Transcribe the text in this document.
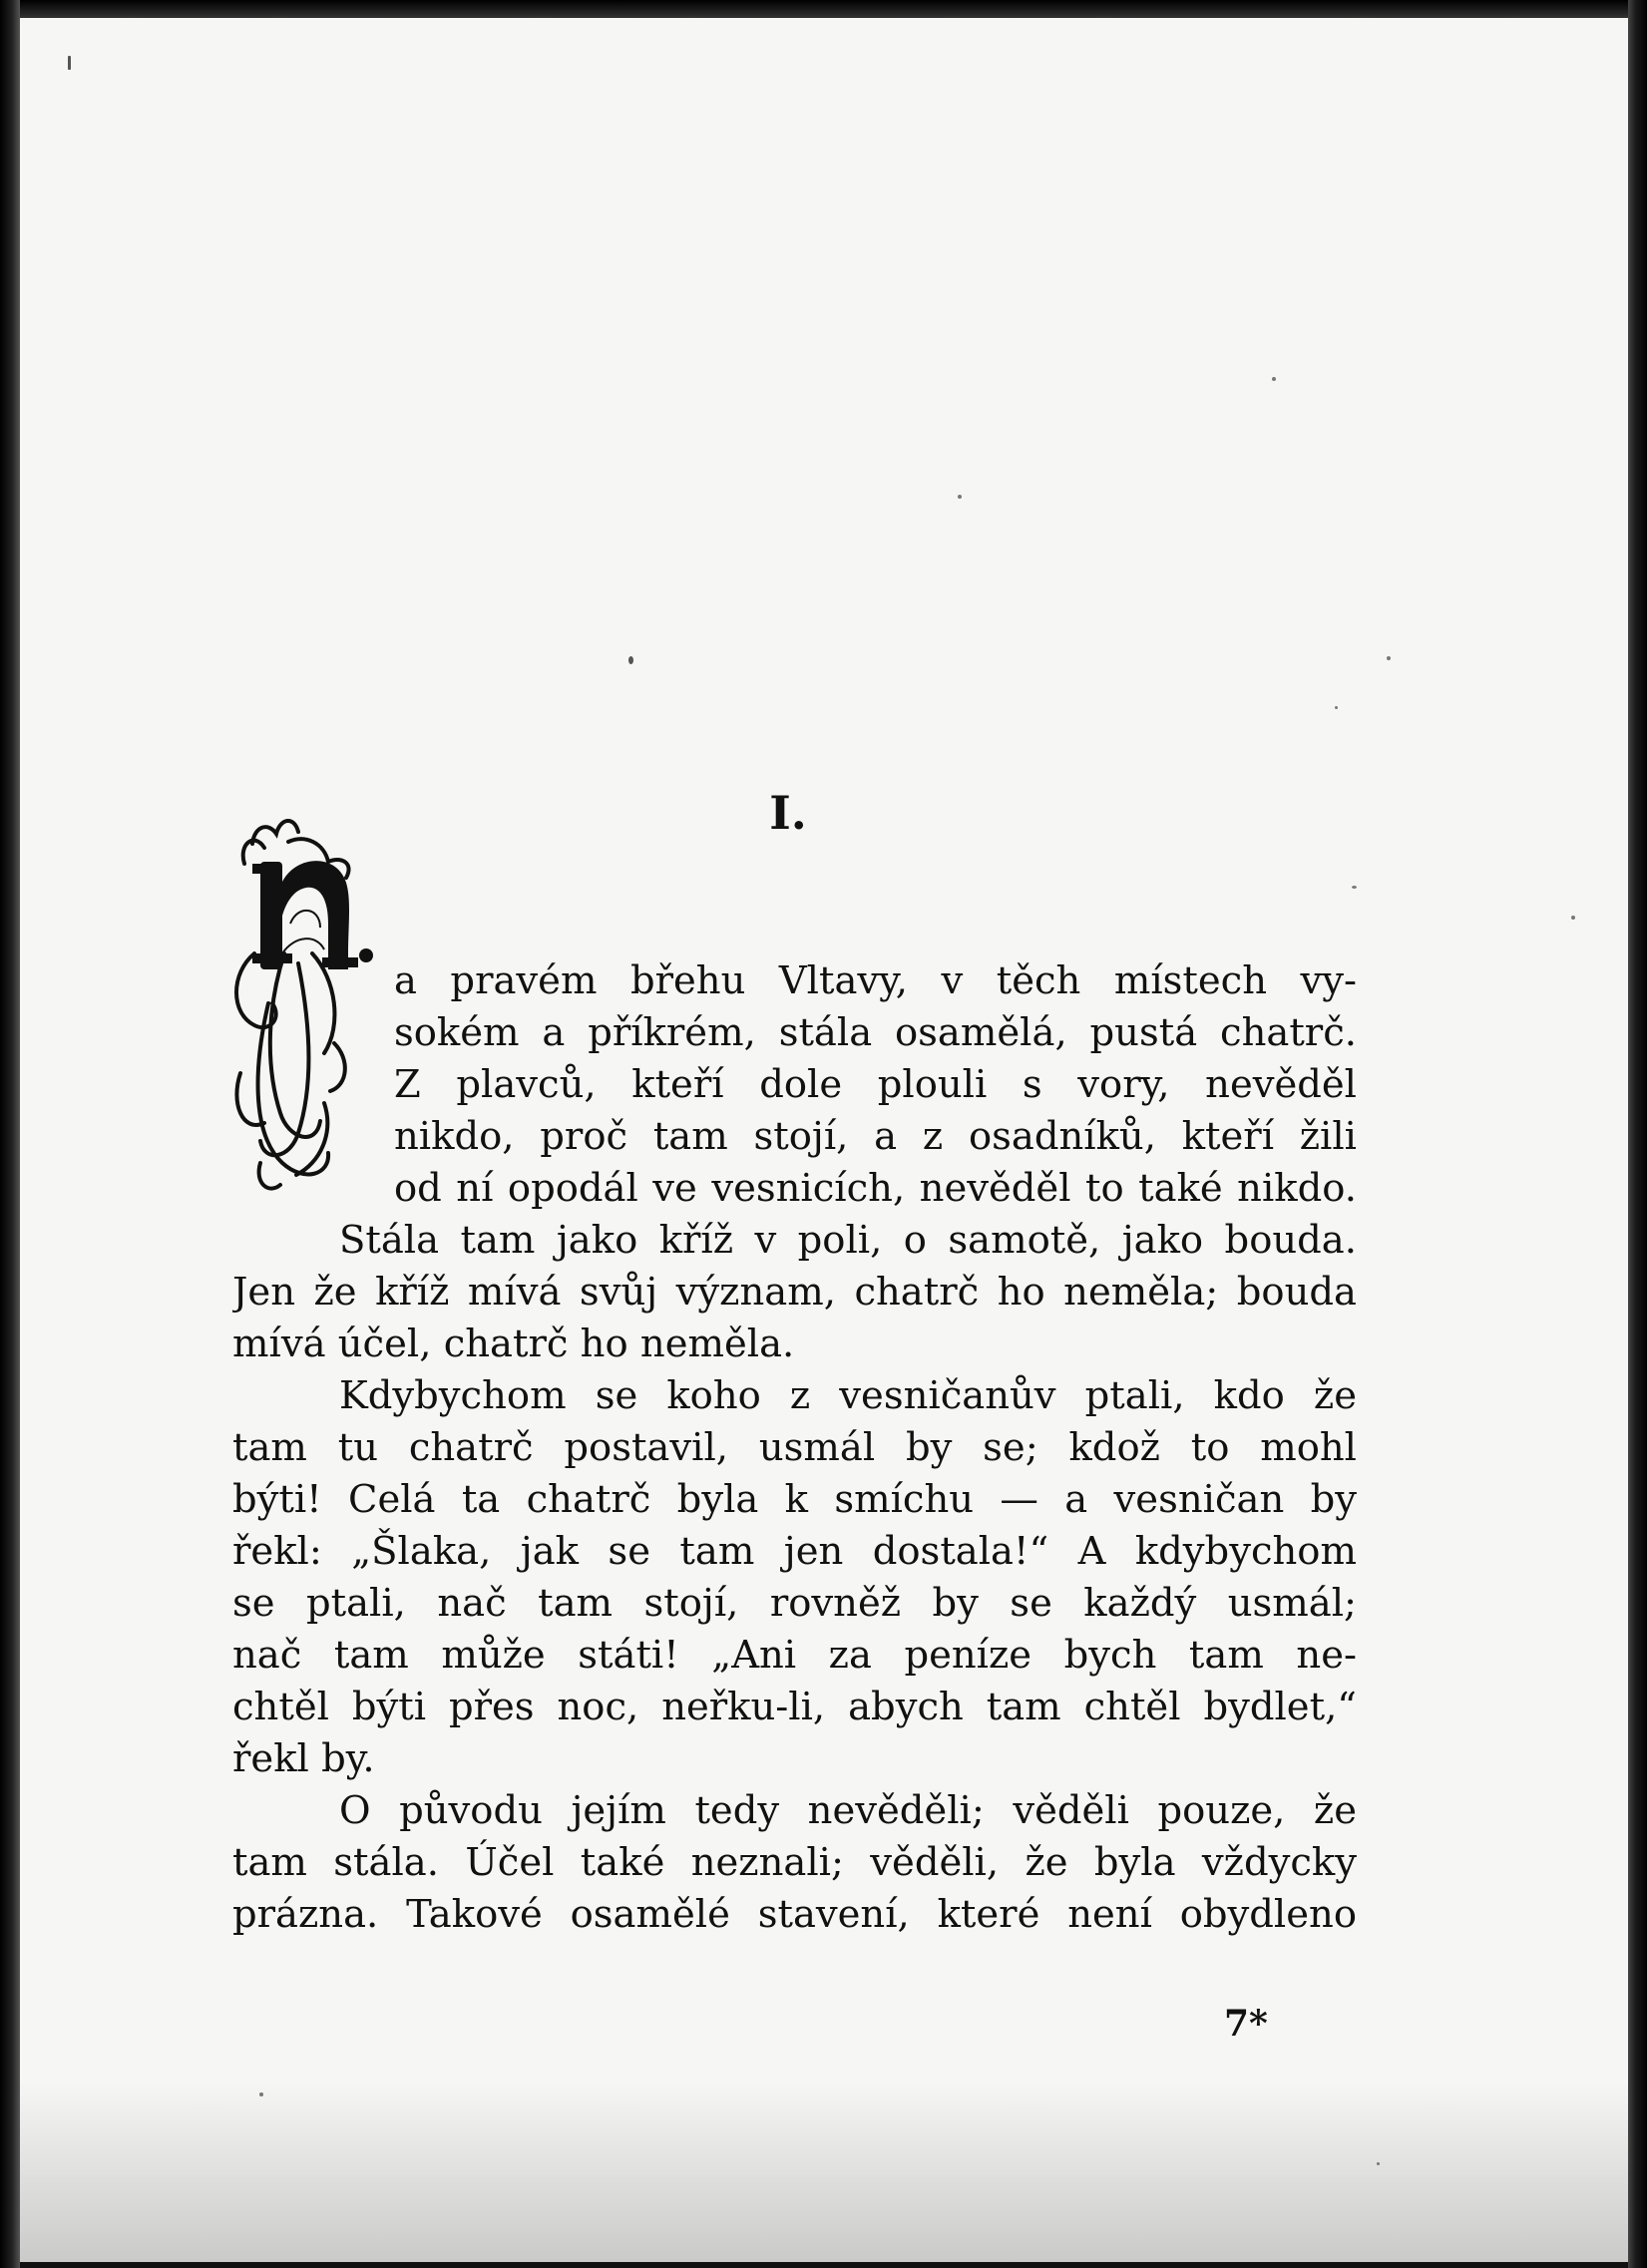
I.
a pravém břehu Vltavy, v těch místech vy-
sokém a příkrém, stála osamělá, pustá chatrč.
Z plavců, kteří dole plouli s vory, nevěděl
nikdo, proč tam stojí, a z osadníků, kteří žili
od ní opodál ve vesnicích, nevěděl to také nikdo.
Stála tam jako kříž v poli, o samotě, jako bouda.
Jen že kříž mívá svůj význam, chatrč ho neměla; bouda
mívá účel, chatrč ho neměla.
Kdybychom se koho z vesničanův ptali, kdo že
tam tu chatrč postavil, usmál by se; kdož to mohl
býti! Celá ta chatrč byla k smíchu — a vesničan by
řekl: „Šlaka, jak se tam jen dostala!“ A kdybychom
se ptali, nač tam stojí, rovněž by se každý usmál;
nač tam může státi! „Ani za peníze bych tam ne-
chtěl býti přes noc, neřku-li, abych tam chtěl bydlet,“
řekl by.
O původu jejím tedy nevěděli; věděli pouze, že
tam stála. Účel také neznali; věděli, že byla vždycky
prázna. Takové osamělé stavení, které není obydleno
7*
